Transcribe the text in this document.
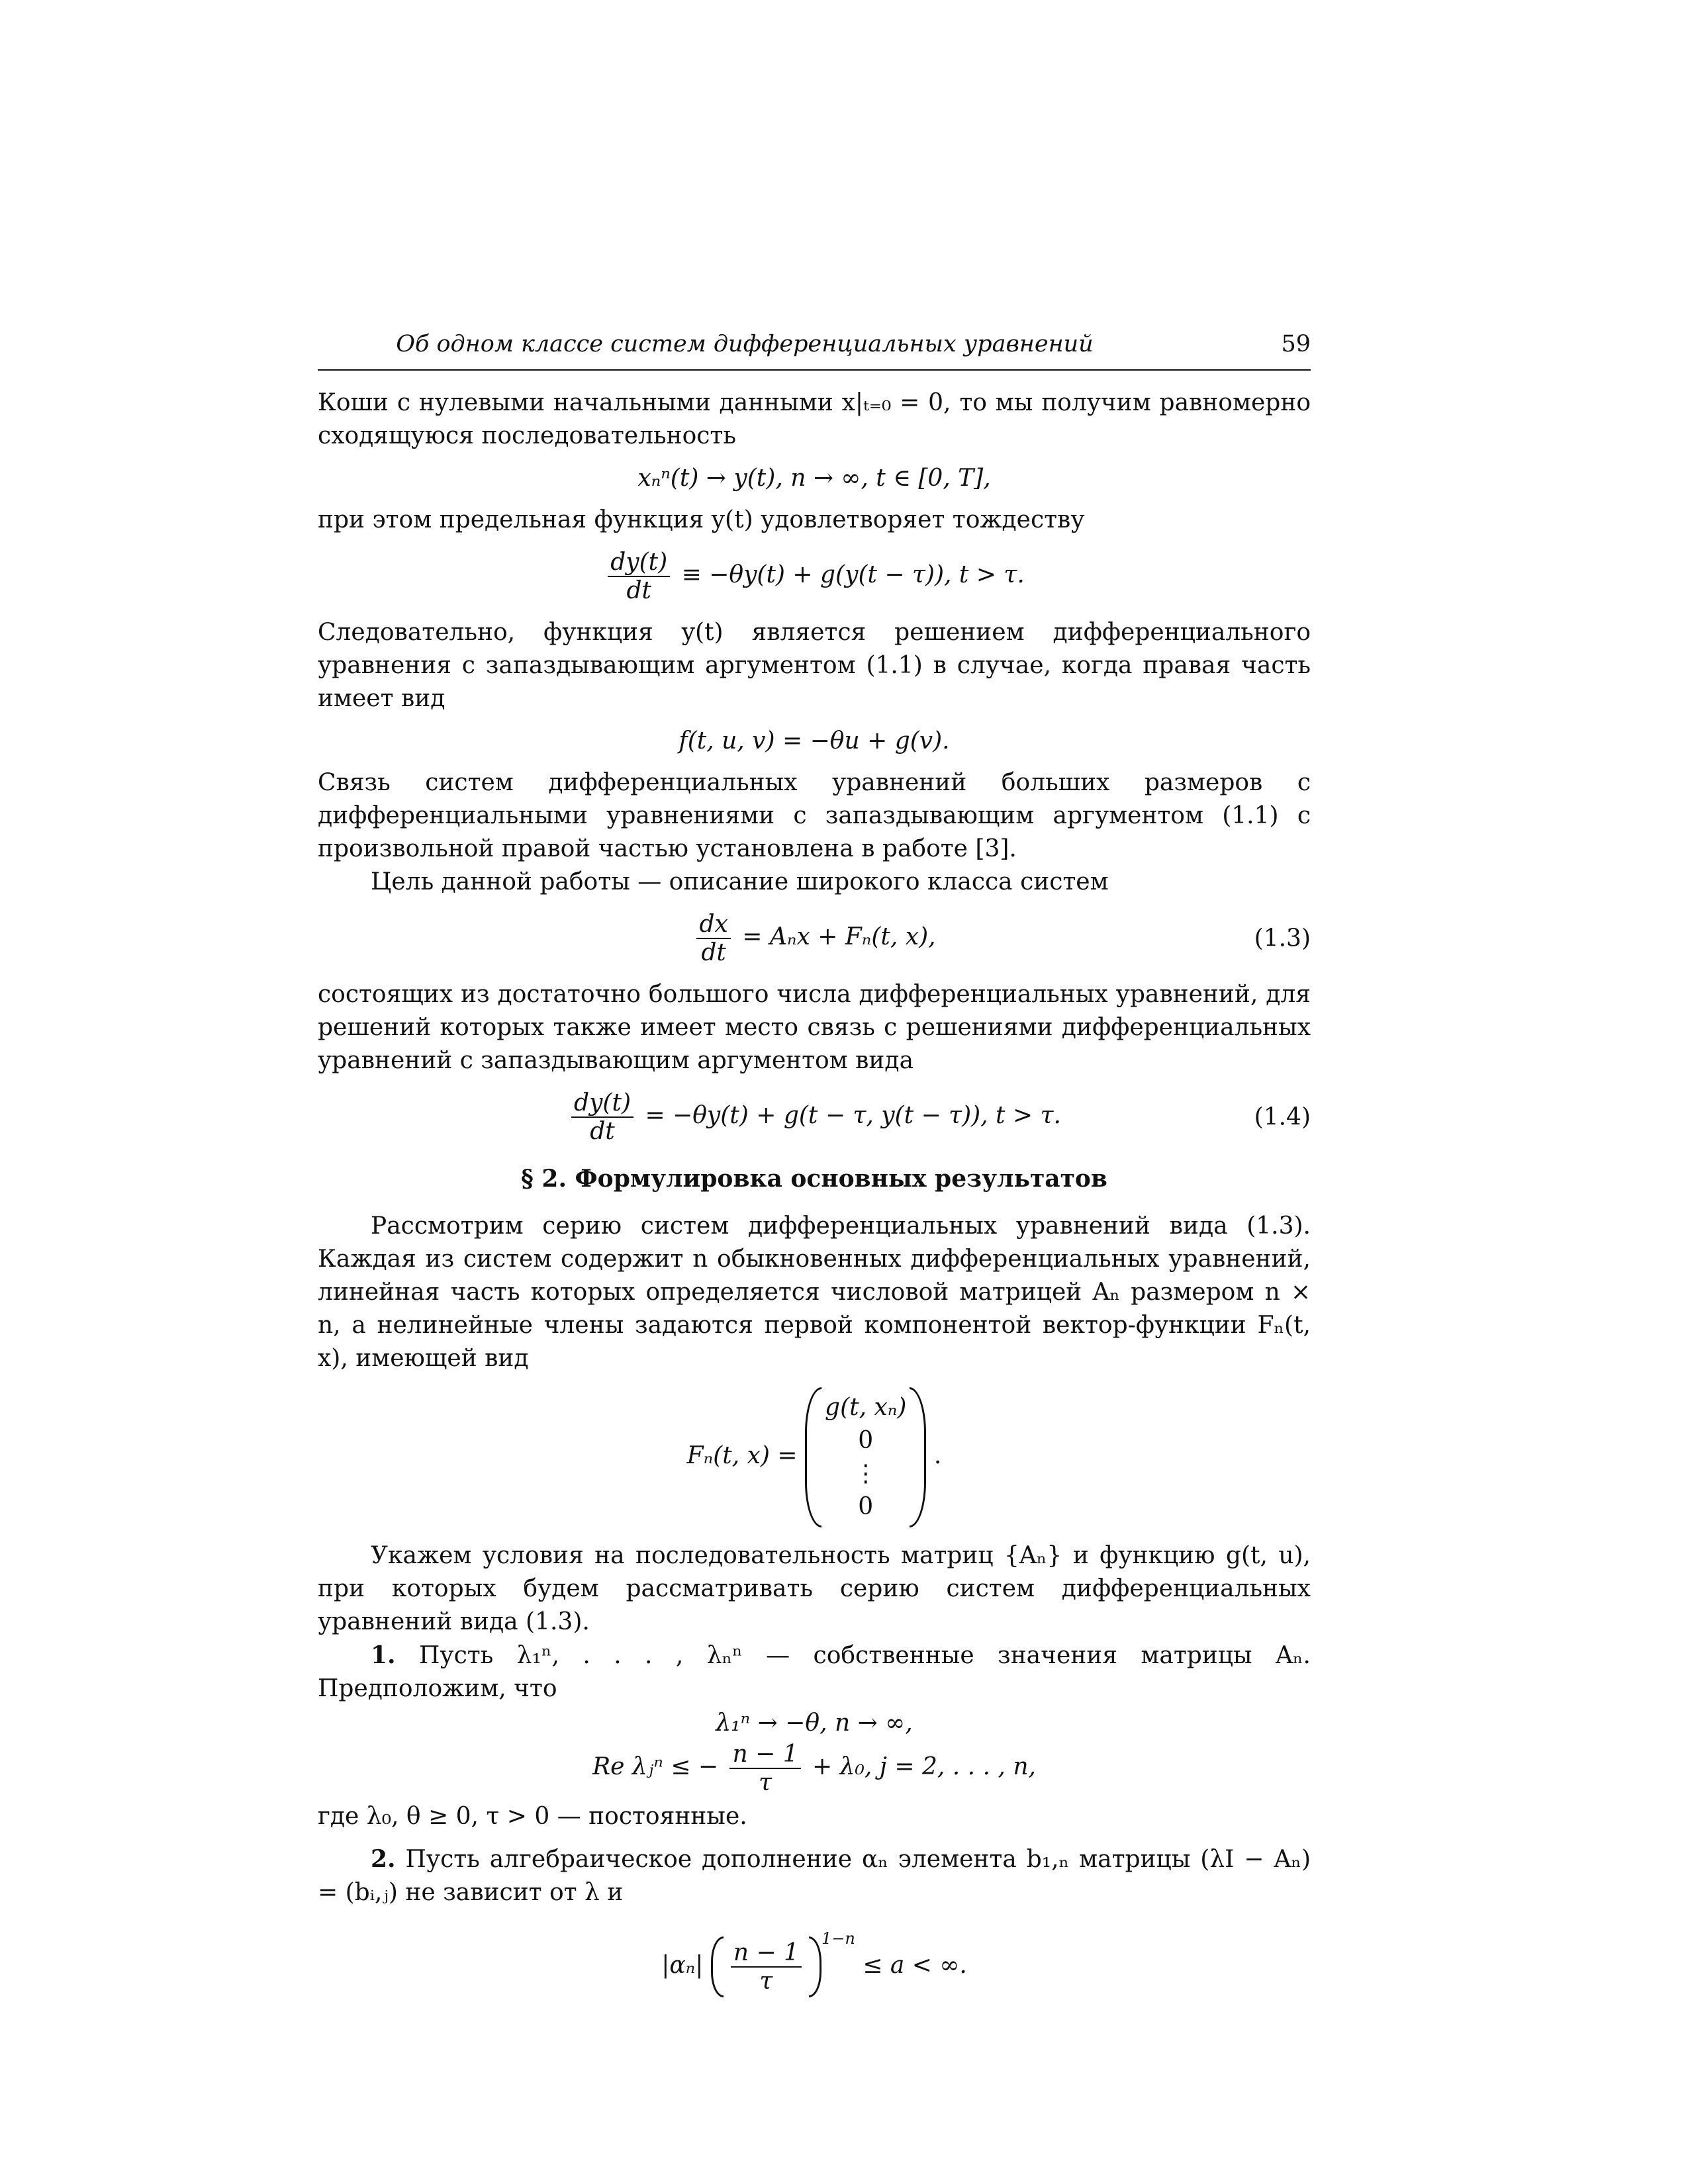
Об одном классе систем дифференциальных уравнений	59

Коши с нулевыми начальными данными x|ₜ₌₀ = 0, то мы получим равномерно сходящуюся последовательность

xₙⁿ(t) → y(t), n → ∞, t ∈ [0, T],

при этом предельная функция y(t) удовлетворяет тождеству

$\frac{dy(t)}{dt} \equiv -\theta y(t) + g(y(t - \tau))$, t > τ.

Следовательно, функция y(t) является решением дифференциального уравнения с запаздывающим аргументом (1.1) в случае, когда правая часть имеет вид

f(t, u, v) = −θu + g(v).

Связь систем дифференциальных уравнений больших размеров с дифференциальными уравнениями с запаздывающим аргументом (1.1) с произвольной правой частью установлена в работе [3].

Цель данной работы — описание широкого класса систем

$\frac{dx}{dt} = A_nx + F_n(t$, x),	(1.3)

состоящих из достаточно большого числа дифференциальных уравнений, для решений которых также имеет место связь с решениями дифференциальных уравнений с запаздывающим аргументом вида

$\frac{dy(t)}{dt} = -\theta y(t) + g(t - \tau$, y(t − τ)), t > τ.	(1.4)
§ 2. Формулировка основных результатов

Рассмотрим серию систем дифференциальных уравнений вида (1.3). Каждая из систем содержит n обыкновенных дифференциальных уравнений, линейная часть которых определяется числовой матрицей Aₙ размером n × n, а нелинейные члены задаются первой компонентой вектор-функции Fₙ(t, x), имеющей вид

Fₙ(t, x) =
g(t, xₙ)
0
⋮
0
.

Укажем условия на последовательность матриц {Aₙ} и функцию g(t, u), при которых будем рассматривать серию систем дифференциальных уравнений вида (1.3).

1. Пусть λ₁ⁿ, . . . , λₙⁿ — собственные значения матрицы Aₙ. Предположим, что

λ₁ⁿ → −θ, n → ∞,
Re λⱼⁿ ≤ − $\frac{n - 1}{\tau} + \lambda_0$, j = 2, . . . , n,

где λ₀, θ ≥ 0, τ > 0 — постоянные.

2. Пусть алгебраическое дополнение αₙ элемента b₁,ₙ матрицы (λI − Aₙ) = (bᵢ,ⱼ) не зависит от λ и

$|\alpha_n| \frac{n - 1}{\tau}$
$^{1-n}$ ≤ a < ∞.
